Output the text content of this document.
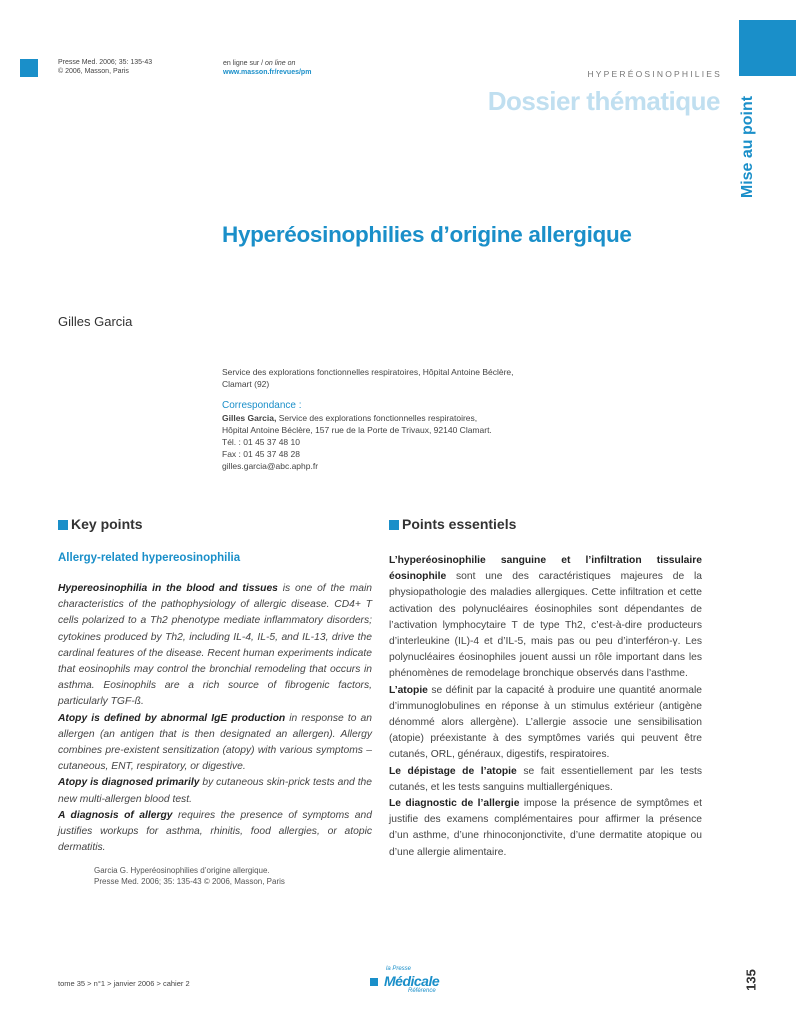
Presse Med. 2006; 35: 135-43
© 2006, Masson, Paris
en ligne sur / on line on
www.masson.fr/revues/pm	HYPERÉOSINOPHILIES
Dossier thématique Mise au point
Hyperéosinophilies d’origine allergique
Gilles Garcia
Service des explorations fonctionnelles respiratoires, Hôpital Antoine Béclère,
Clamart (92)
Correspondance :
Gilles Garcia, Service des explorations fonctionnelles respiratoires,
Hôpital Antoine Béclère, 157 rue de la Porte de Trivaux, 92140 Clamart.
Tél. : 01 45 37 48 10
Fax : 01 45 37 48 28
gilles.garcia@abc.aphp.fr
Key points	Points essentiels
Allergy-related hypereosinophilia

Hypereosinophilia in the blood and tissues is one of the main characteristics of the pathophysiology of allergic disease. CD4+ T cells polarized to a Th2 phenotype mediate inflammatory disorders; cytokines produced by Th2, including IL-4, IL-5, and IL-13, drive the cardinal features of the disease. Recent human experiments indicate that eosinophils may control the bronchial remodeling that occurs in asthma. Eosinophils are a rich source of fibrogenic factors, particularly TGF-ß.

Atopy is defined by abnormal IgE production in response to an allergen (an antigen that is then designated an allergen). Allergy combines pre-existent sensitization (atopy) with various symptoms – cutaneous, ENT, respiratory, or digestive.

Atopy is diagnosed primarily by cutaneous skin-prick tests and the new multi-allergen blood test.

A diagnosis of allergy requires the presence of symptoms and justifies workups for asthma, rhinitis, food allergies, or atopic dermatitis.

L’hyperéosinophilie sanguine et l’infiltration tissulaire éosinophile sont une des caractéristiques majeures de la physiopathologie des maladies allergiques. Cette infiltration et cette activation des polynucléaires éosinophiles sont dépendantes de l’activation lymphocytaire T de type Th2, c’est-à-dire producteurs d’interleukine (IL)-4 et d’IL-5, mais pas ou peu d’interféron-γ. Les polynucléaires éosinophiles jouent aussi un rôle important dans les phénomènes de remodelage bronchique observés dans l’asthme.

L’atopie se définit par la capacité à produire une quantité anormale d’immunoglobulines en réponse à un stimulus extérieur (antigène dénommé alors allergène). L’allergie associe une sensibilisation (atopie) préexistante à des symptômes variés qui peuvent être cutanés, ORL, généraux, digestifs, respiratoires.

Le dépistage de l’atopie se fait essentiellement par les tests cutanés, et les tests sanguins multiallergéniques.

Le diagnostic de l’allergie impose la présence de symptômes et justifie des examens complémentaires pour affirmer la présence d’un asthme, d’une rhinoconjonctivite, d’une dermatite atopique ou d’une allergie alimentaire.

Garcia G. Hyperéosinophilies d’origine allergique.
Presse Med. 2006; 35: 135-43 © 2006, Masson, Paris
tome 35 > n°1 > janvier 2006 > cahier 2
la Presse
Médicale
Référence
135
